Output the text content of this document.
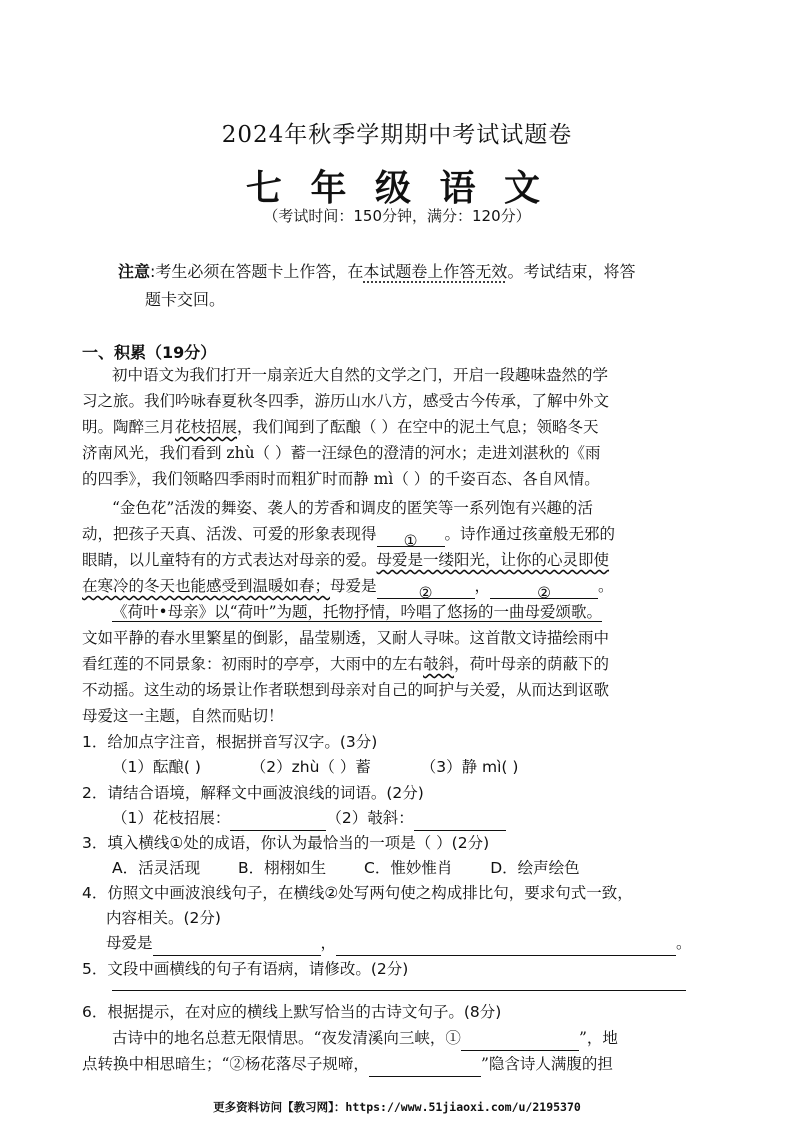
2024年秋季学期期中考试试题卷
七 年 级 语 文
（考试时间：150分钟，满分：120分）
注意:考生必须在答题卡上作答，在本试题卷上作答无效。考试结束，将答
题卡交回。
一、积累（19分）
初中语文为我们打开一扇亲近大自然的文学之门，开启一段趣味盎然的学
习之旅。我们吟咏春夏秋冬四季，游历山水八方，感受古今传承，了解中外文
明。陶醉三月花枝招展，我们闻到了酝酿（ ）在空中的泥土气息；领略冬天
济南风光，我们看到 zhù（ ）蓄一汪绿色的澄清的河水；走进刘湛秋的《雨
的四季》，我们领略四季雨时而粗犷时而静 mì（ ）的千姿百态、各自风情。
“金色花”活泼的舞姿、袭人的芳香和调皮的匿笑等一系列饱有兴趣的活
动，把孩子天真、活泼、可爱的形象表现得 ① 。诗作通过孩童般无邪的
眼睛，以儿童特有的方式表达对母亲的爱。母爱是一缕阳光，让你的心灵即使
在寒冷的冬天也能感受到温暖如春；母爱是	②	，	②	。
《荷叶•母亲》以“荷叶”为题，托物抒情，吟唱了悠扬的一曲母爱颂歌。
文如平静的春水里繁星的倒影，晶莹剔透，又耐人寻味。这首散文诗描绘雨中
看红莲的不同景象：初雨时的亭亭，大雨中的左右攲斜，荷叶母亲的荫蔽下的
不动摇。这生动的场景让作者联想到母亲对自己的呵护与关爱，从而达到讴歌
母爱这一主题，自然而贴切！
1．给加点字注音，根据拼音写汉字。(3分)
（1）酝酿( )	（2）zhù（ ）蓄	（3）静 mì( )
2．请结合语境，解释文中画波浪线的词语。(2分)
（1）花枝招展：	（2）攲斜：
3．填入横线①处的成语，你认为最恰当的一项是（ ）(2分)
A．活灵活现 B．栩栩如生 C．惟妙惟肖 D．绘声绘色
4．仿照文中画波浪线句子，在横线②处写两句使之构成排比句，要求句式一致，
内容相关。(2分)
母爱是	，	。
5．文段中画横线的句子有语病，请修改。(2分)
6．根据提示，在对应的横线上默写恰当的古诗文句子。(8分)
古诗中的地名总惹无限情思。“夜发清溪向三峡，①	”，地
点转换中相思暗生；“②杨花落尽子规啼，	”隐含诗人满腹的担
更多资料访问【教习网】：https://www.51jiaoxi.com/u/2195370
